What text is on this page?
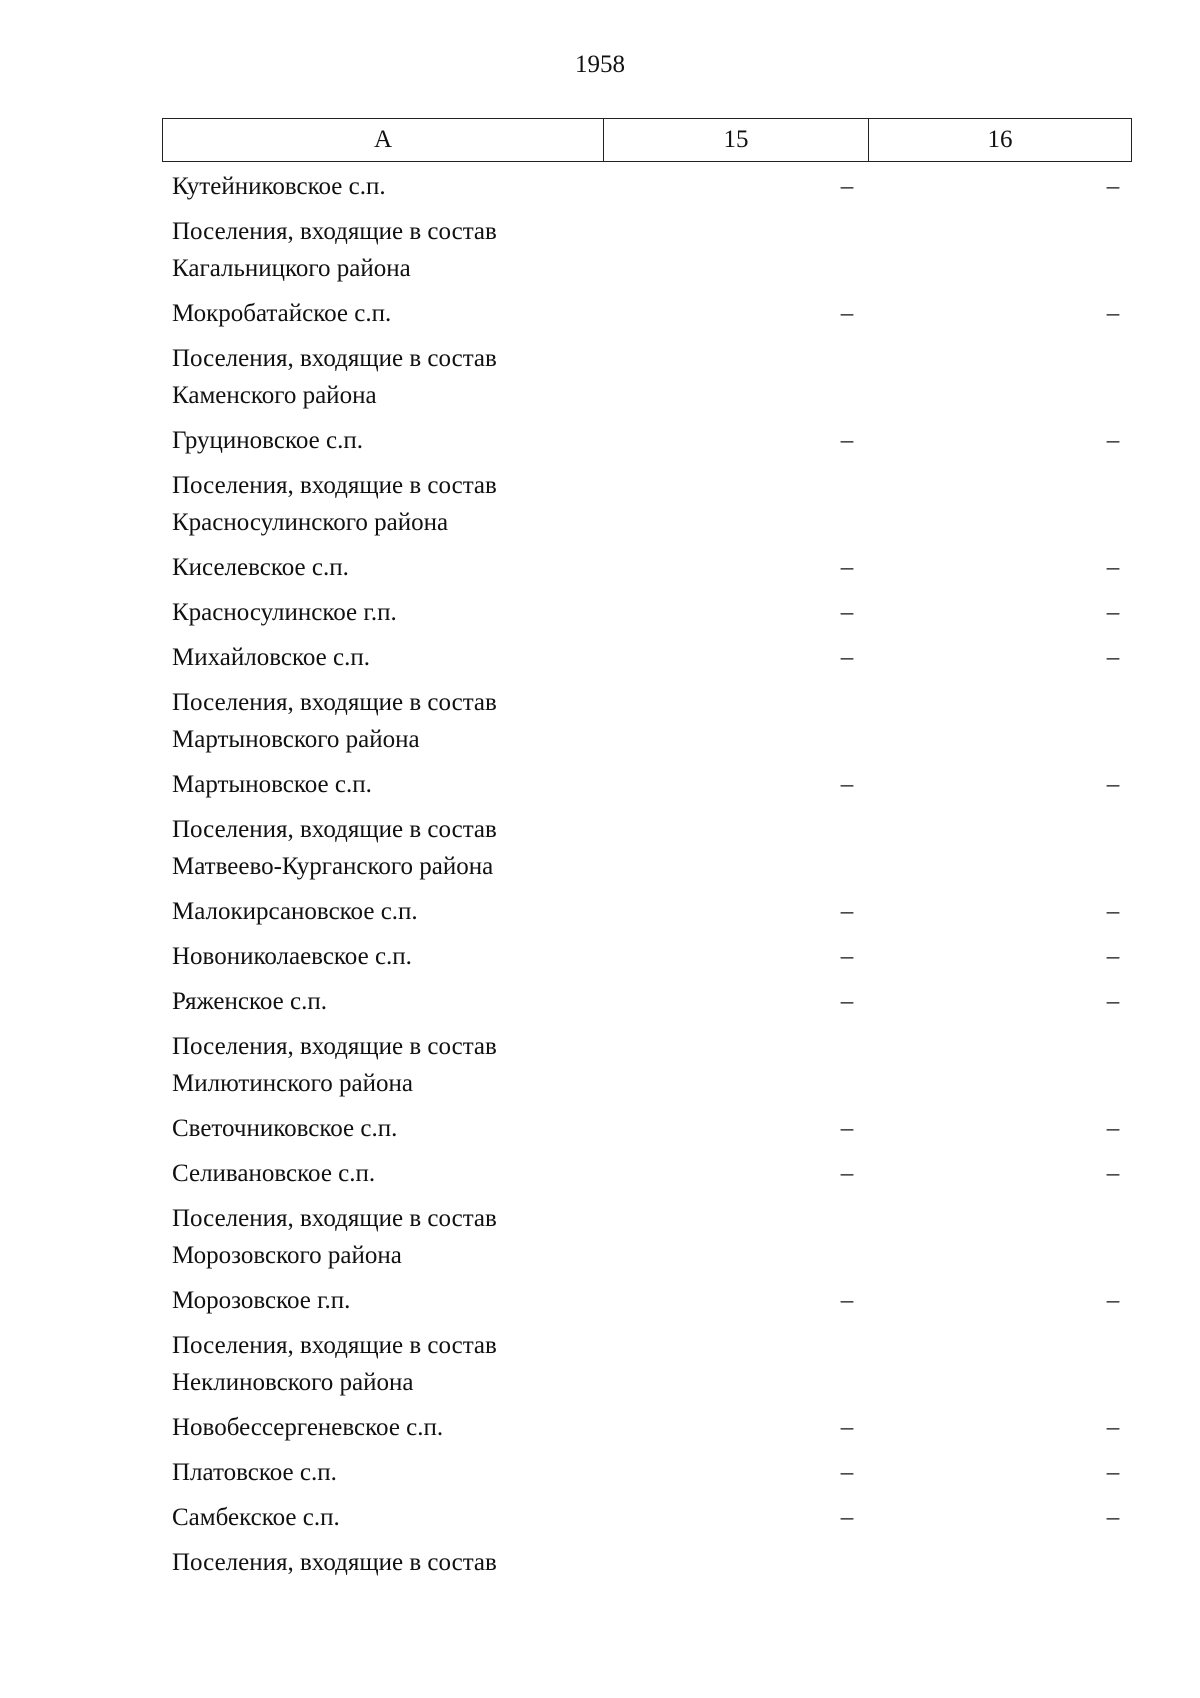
1958
А	15	16
Кутейниковское с.п.	–	–
Поселения, входящие в состав
Кагальницкого района
Мокробатайское с.п.	–	–
Поселения, входящие в состав
Каменского района
Груциновское с.п.	–	–
Поселения, входящие в состав
Красносулинского района
Киселевское с.п.	–	–
Красносулинское г.п.	–	–
Михайловское с.п.	–	–
Поселения, входящие в состав
Мартыновского района
Мартыновское с.п.	–	–
Поселения, входящие в состав
Матвеево-Курганского района
Малокирсановское с.п.	–	–
Новониколаевское с.п.	–	–
Ряженское с.п.	–	–
Поселения, входящие в состав
Милютинского района
Светочниковское с.п.	–	–
Селивановское с.п.	–	–
Поселения, входящие в состав
Морозовского района
Морозовское г.п.	–	–
Поселения, входящие в состав
Неклиновского района
Новобессергеневское с.п.	–	–
Платовское с.п.	–	–
Самбекское с.п.	–	–
Поселения, входящие в состав
